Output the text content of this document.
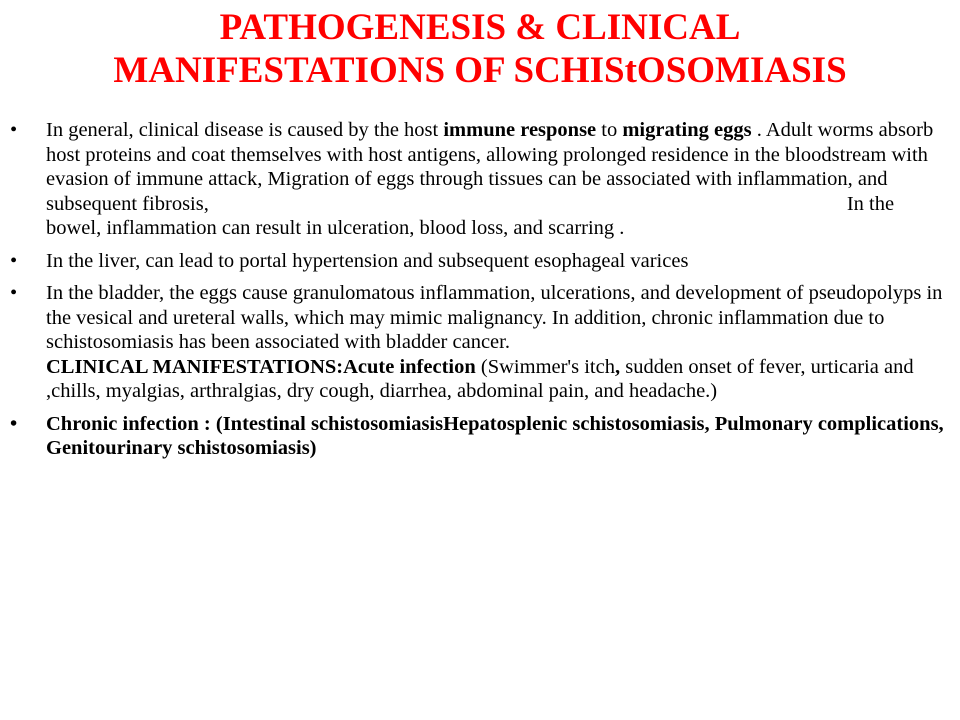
PATHOGENESIS & CLINICAL
MANIFESTATIONS OF SCHIStOSOMIASIS
•	In general, clinical disease is caused by the host immune response to migrating eggs . Adult worms absorb host proteins and coat themselves with host antigens, allowing prolonged residence in the bloodstream with evasion of immune attack, Migration of eggs through tissues can be associated with inflammation, and subsequent fibrosis,	In the bowel, inflammation can result in ulceration, blood loss, and scarring .
•	In the liver, can lead to portal hypertension and subsequent esophageal varices
•	In the bladder, the eggs cause granulomatous inflammation, ulcerations, and development of pseudopolyps in the vesical and ureteral walls, which may mimic malignancy. In addition, chronic inflammation due to schistosomiasis has been associated with bladder cancer.
CLINICAL MANIFESTATIONS:Acute infection (Swimmer's itch, sudden onset of fever, urticaria and ,chills, myalgias, arthralgias, dry cough, diarrhea, abdominal pain, and headache.)
•	Chronic infection : (Intestinal schistosomiasisHepatosplenic schistosomiasis, Pulmonary complications, Genitourinary schistosomiasis)
